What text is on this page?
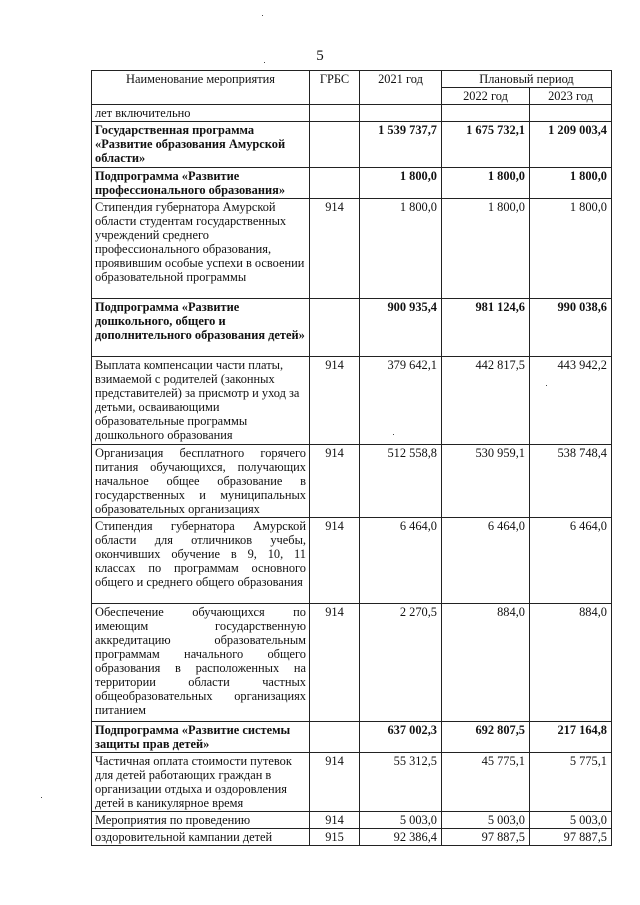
5
Наименование мероприятия	ГРБС	2021 год	Плановый период	
			2022 год	2023 год
лет включительно				
Государственная программа «Развитие образования Амурской области»		1 539 737,7	1 675 732,1	1 209 003,4
Подпрограмма «Развитие профессионального образования»		1 800,0	1 800,0	1 800,0
Стипендия губернатора Амурской области студентам государственных учреждений среднего профессионального образования, проявившим особые успехи в освоении образовательной программы	914	1 800,0	1 800,0	1 800,0
Подпрограмма «Развитие дошкольного, общего и дополнительного образования детей»		900 935,4	981 124,6	990 038,6
Выплата компенсации части платы, взимаемой с родителей (законных представителей) за присмотр и уход за детьми, осваивающими образовательные программы дошкольного образования	914	379 642,1	442 817,5	443 942,2
Организация бесплатного горячего питания обучающихся, получающих начальное общее образование в государственных и муниципальных образовательных организациях	914	512 558,8	530 959,1	538 748,4
Стипендия губернатора Амурской области для отличников учебы, окончивших обучение в 9, 10, 11 классах по программам основного общего и среднего общего образования	914	6 464,0	6 464,0	6 464,0
Обеспечение обучающихся по имеющим государственную аккредитацию образовательным программам начального общего образования в расположенных на территории области частных общеобразовательных организациях питанием	914	2 270,5	884,0	884,0
Подпрограмма «Развитие системы защиты прав детей»		637 002,3	692 807,5	217 164,8
Частичная оплата стоимости путевок для детей работающих граждан в организации отдыха и оздоровления детей в каникулярное время	914	55 312,5	45 775,1	5 775,1
Мероприятия по проведению	914	5 003,0	5 003,0	5 003,0
оздоровительной кампании детей	915	92 386,4	97 887,5	97 887,5
